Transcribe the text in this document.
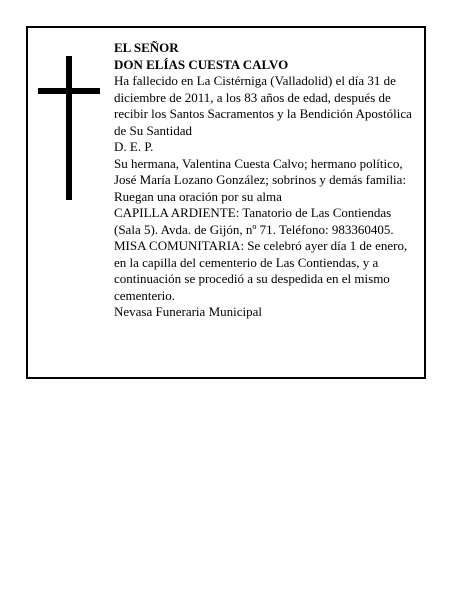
EL SEÑOR

DON ELÍAS CUESTA CALVO

Ha fallecido en La Cistérniga (Valladolid) el día 31 de diciembre de 2011, a los 83 años de edad, después de recibir los Santos Sacramentos y la Bendición Apostólica de Su Santidad

D. E. P.

Su hermana, Valentina Cuesta Calvo; hermano político, José María Lozano González; sobrinos y demás familia:

Ruegan una oración por su alma

CAPILLA ARDIENTE: Tanatorio de Las Contiendas (Sala 5). Avda. de Gijón, nº 71. Teléfono: 983360405.

MISA COMUNITARIA: Se celebró ayer día 1 de enero, en la capilla del cementerio de Las Contiendas, y a continuación se procedió a su despedida en el mismo cementerio.

Nevasa Funeraria Municipal
